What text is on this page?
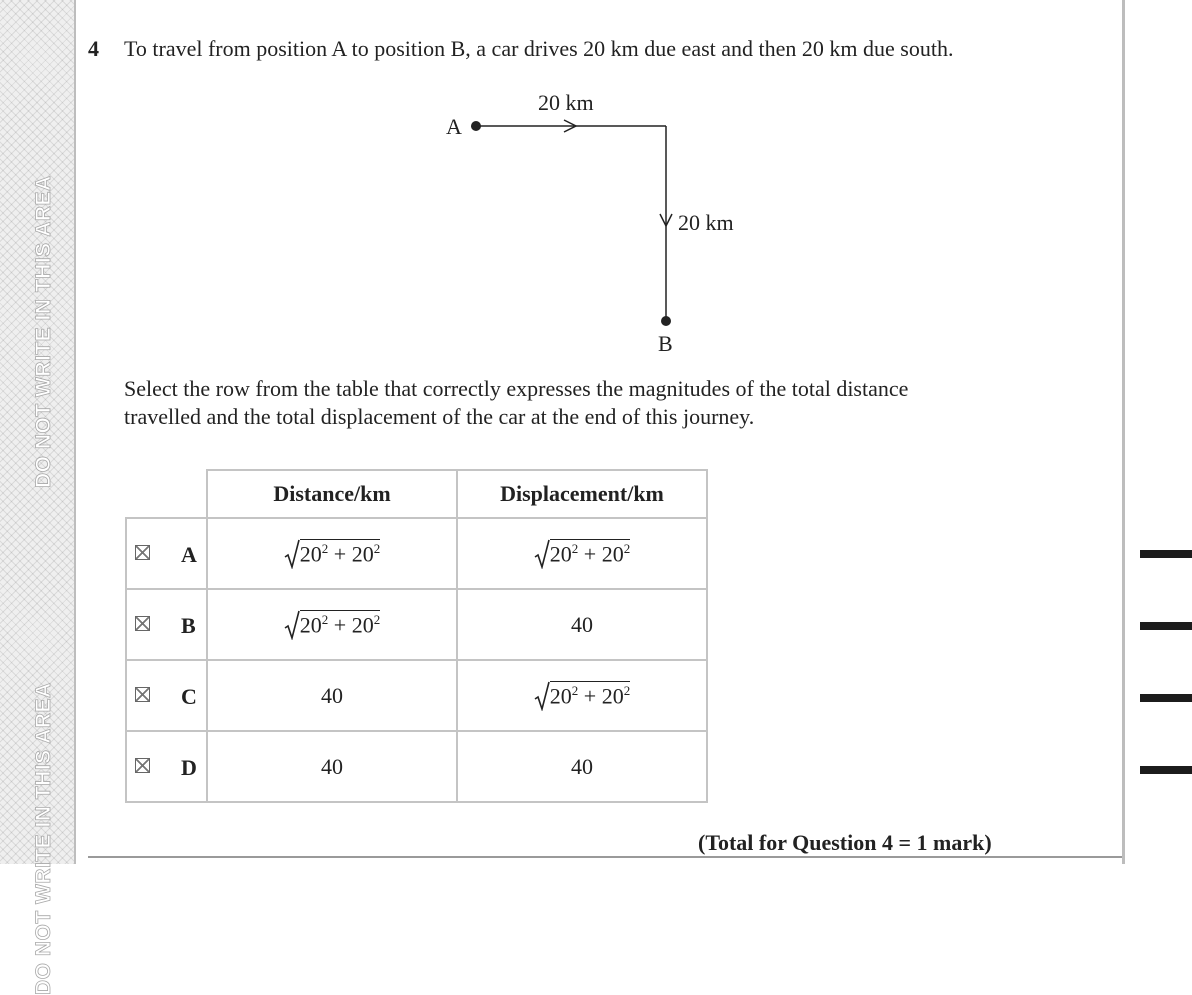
DO NOT WRITE IN THIS AREA
DO NOT WRITE IN THIS AREA
4 To travel from position A to position B, a car drives 20 km due east and then 20 km due south.
A
B
20 km
20 km
Select the row from the table that correctly expresses the magnitudes of the total distance
travelled and the total displacement of the car at the end of this journey.
	Distance/km	Displacement/km

A	$20^2 + 20^2$	$20^2 + 20^2$

B	$20^2 + 20^2$	40

C	40	$20^2 + 20^2$

D	40	40
(Total for Question 4 = 1 mark)
